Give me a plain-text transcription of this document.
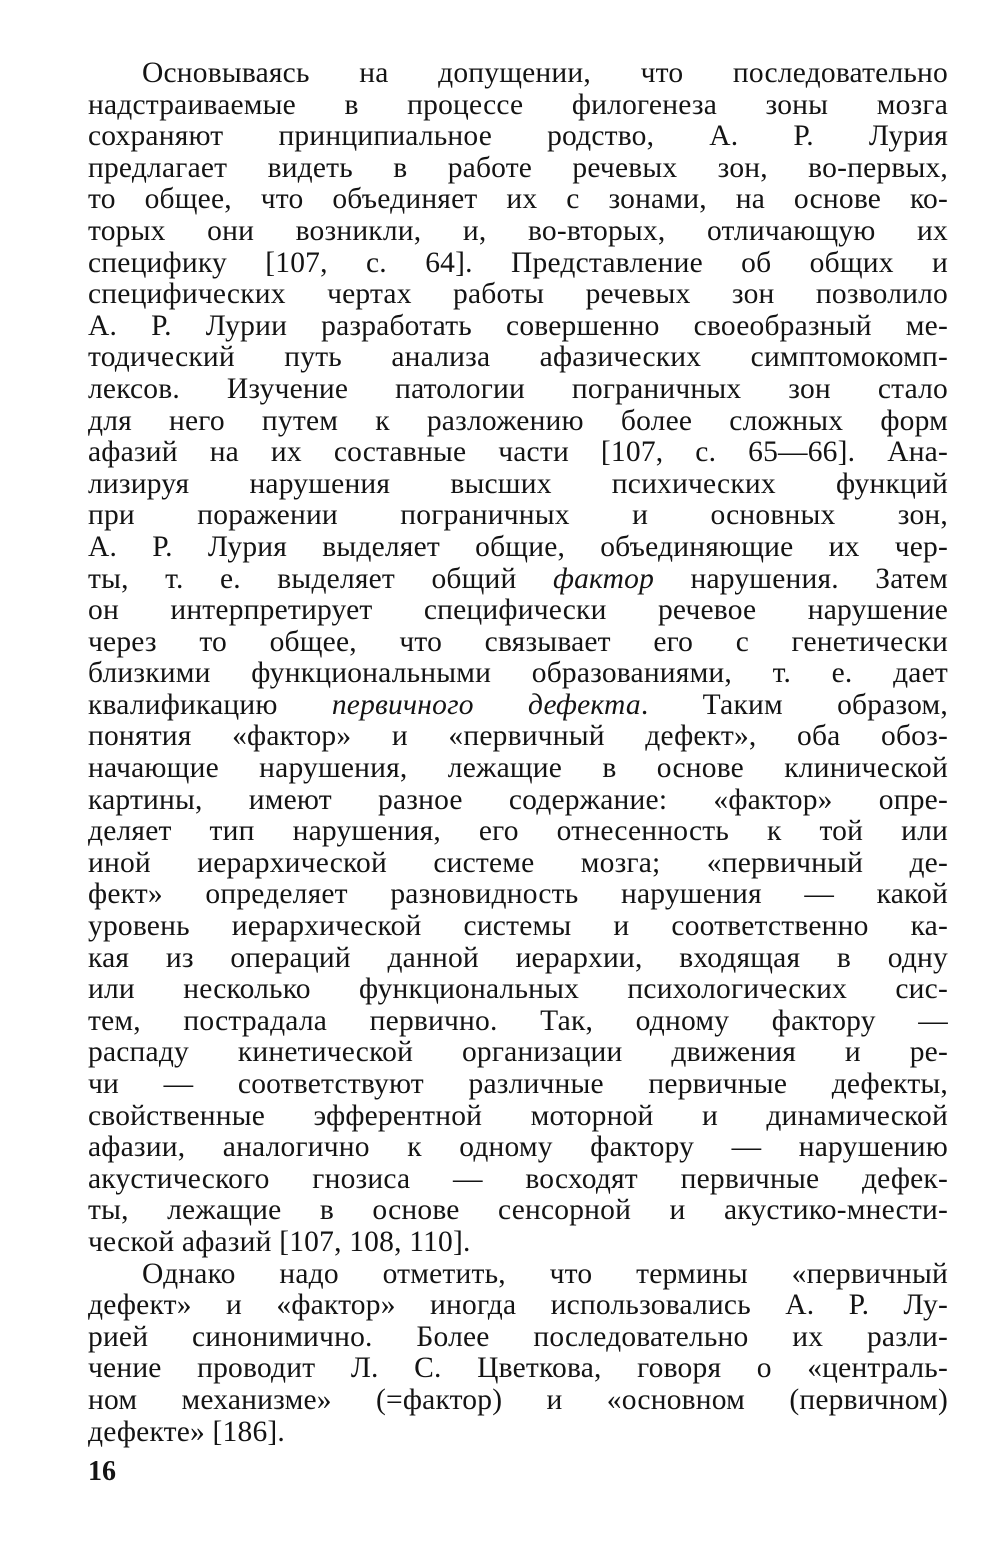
Основываясь на допущении, что последовательно
надстраиваемые в процессе филогенеза зоны мозга
сохраняют принципиальное родство, А. Р. Лурия
предлагает видеть в работе речевых зон, во-первых,
то общее, что объединяет их с зонами, на основе ко-
торых они возникли, и, во-вторых, отличающую их
специфику [107, с. 64]. Представление об общих и
специфических чертах работы речевых зон позволило
А. Р. Лурии разработать совершенно своеобразный ме-
тодический путь анализа афазических симптомокомп-
лексов. Изучение патологии пограничных зон стало
для него путем к разложению более сложных форм
афазий на их составные части [107, с. 65—66]. Ана-
лизируя нарушения высших психических функций
при поражении пограничных и основных зон,
А. Р. Лурия выделяет общие, объединяющие их чер-
ты, т. е. выделяет общий фактор нарушения. Затем
он интерпретирует специфически речевое нарушение
через то общее, что связывает его с генетически
близкими функциональными образованиями, т. е. дает
квалификацию первичного дефекта. Таким образом,
понятия «фактор» и «первичный дефект», оба обоз-
начающие нарушения, лежащие в основе клинической
картины, имеют разное содержание: «фактор» опре-
деляет тип нарушения, его отнесенность к той или
иной иерархической системе мозга; «первичный де-
фект» определяет разновидность нарушения — какой
уровень иерархической системы и соответственно ка-
кая из операций данной иерархии, входящая в одну
или несколько функциональных психологических сис-
тем, пострадала первично. Так, одному фактору —
распаду кинетической организации движения и ре-
чи — соответствуют различные первичные дефекты,
свойственные эфферентной моторной и динамической
афазии, аналогично к одному фактору — нарушению
акустического гнозиса — восходят первичные дефек-
ты, лежащие в основе сенсорной и акустико-мнести-
ческой афазий [107, 108, 110].
Однако надо отметить, что термины «первичный
дефект» и «фактор» иногда использовались А. Р. Лу-
рией синонимично. Более последовательно их разли-
чение проводит Л. С. Цветкова, говоря о «централь-
ном механизме» (=фактор) и «основном (первичном)
дефекте» [186].
16
